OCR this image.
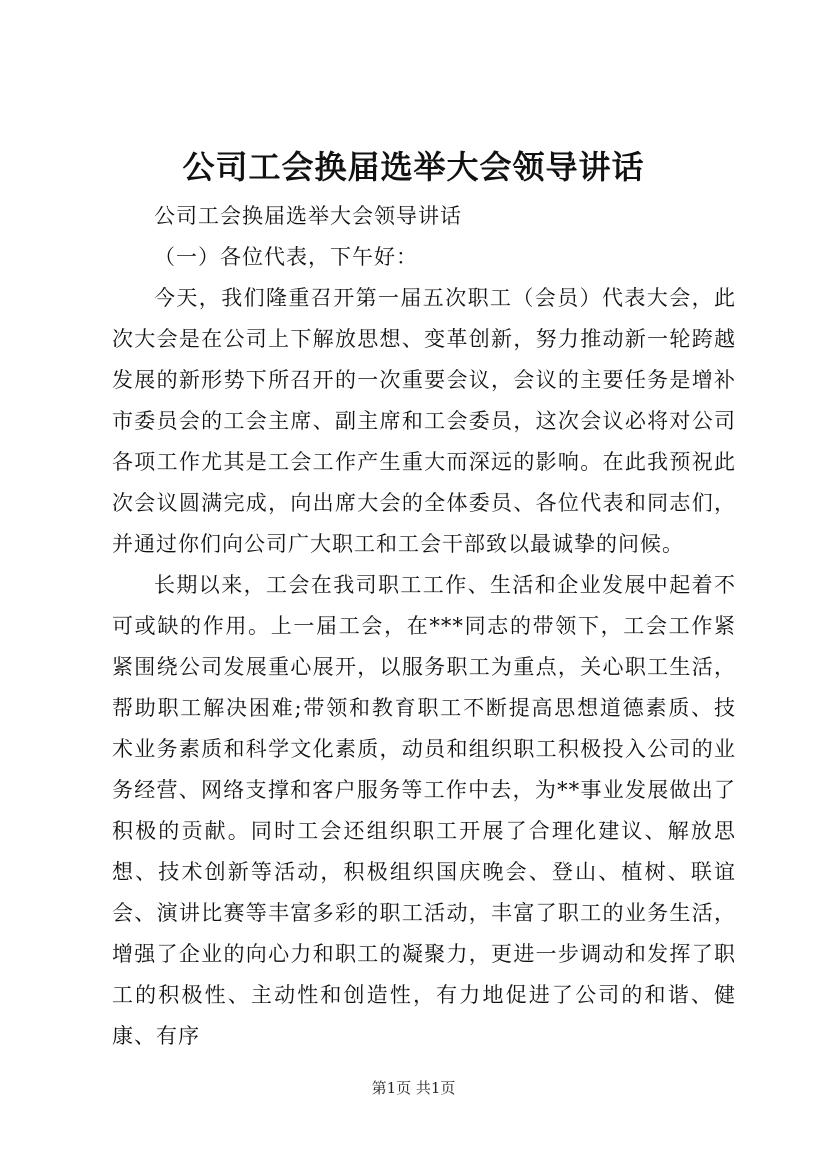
公司工会换届选举大会领导讲话

公司工会换届选举大会领导讲话

（一）各位代表，下午好：

今天，我们隆重召开第一届五次职工（会员）代表大会，此次大会是在公司上下解放思想、变革创新，努力推动新一轮跨越发展的新形势下所召开的一次重要会议，会议的主要任务是增补市委员会的工会主席、副主席和工会委员，这次会议必将对公司各项工作尤其是工会工作产生重大而深远的影响。在此我预祝此次会议圆满完成，向出席大会的全体委员、各位代表和同志们，并通过你们向公司广大职工和工会干部致以最诚挚的问候。

长期以来，工会在我司职工工作、生活和企业发展中起着不可或缺的作用。上一届工会，在***同志的带领下，工会工作紧紧围绕公司发展重心展开，以服务职工为重点，关心职工生活，帮助职工解决困难;带领和教育职工不断提高思想道德素质、技术业务素质和科学文化素质，动员和组织职工积极投入公司的业务经营、网络支撑和客户服务等工作中去，为**事业发展做出了积极的贡献。同时工会还组织职工开展了合理化建议、解放思想、技术创新等活动，积极组织国庆晚会、登山、植树、联谊会、演讲比赛等丰富多彩的职工活动，丰富了职工的业务生活，增强了企业的向心力和职工的凝聚力，更进一步调动和发挥了职工的积极性、主动性和创造性，有力地促进了公司的和谐、健康、有序

第1页 共1页
